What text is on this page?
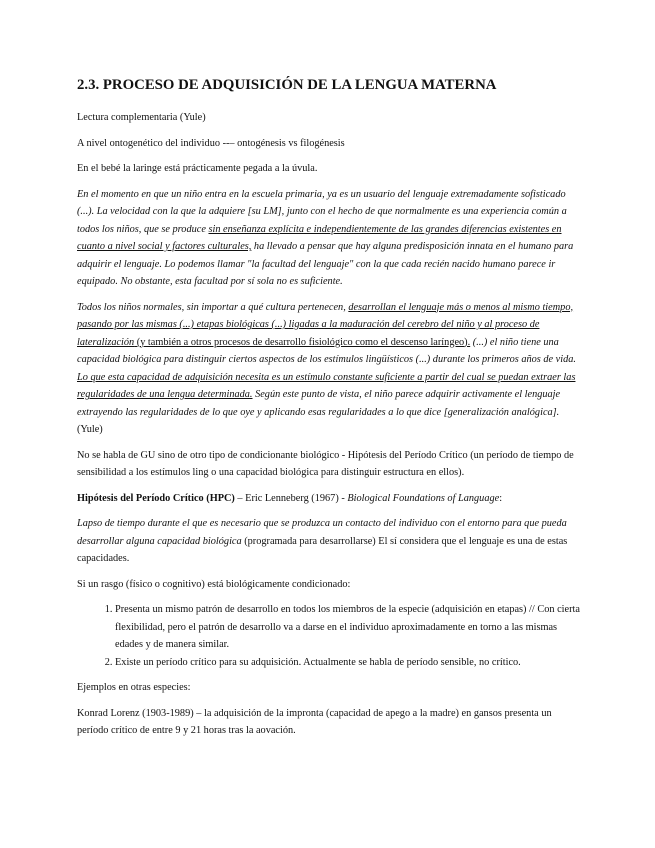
2.3. PROCESO DE ADQUISICIÓN DE LA LENGUA MATERNA

Lectura complementaria (Yule)

A nivel ontogenético del individuo --– ontogénesis vs filogénesis

En el bebé la laringe está prácticamente pegada a la úvula.

En el momento en que un niño entra en la escuela primaria, ya es un usuario del lenguaje extremadamente sofisticado (...). La velocidad con la que la adquiere [su LM], junto con el hecho de que normalmente es una experiencia común a todos los niños, que se produce sin enseñanza explícita e independientemente de las grandes diferencias existentes en cuanto a nivel social y factores culturales, ha llevado a pensar que hay alguna predisposición innata en el humano para adquirir el lenguaje. Lo podemos llamar "la facultad del lenguaje" con la que cada recién nacido humano parece ir equipado. No obstante, esta facultad por sí sola no es suficiente.

Todos los niños normales, sin importar a qué cultura pertenecen, desarrollan el lenguaje más o menos al mismo tiempo, pasando por las mismas (...) etapas biológicas (...) ligadas a la maduración del cerebro del niño y al proceso de lateralización (y también a otros procesos de desarrollo fisiológico como el descenso laríngeo). (...) el niño tiene una capacidad biológica para distinguir ciertos aspectos de los estímulos lingüísticos (...) durante los primeros años de vida. Lo que esta capacidad de adquisición necesita es un estímulo constante suficiente a partir del cual se puedan extraer las regularidades de una lengua determinada. Según este punto de vista, el niño parece adquirir activamente el lenguaje extrayendo las regularidades de lo que oye y aplicando esas regularidades a lo que dice [generalización analógica]. (Yule)

No se habla de GU sino de otro tipo de condicionante biológico - Hipótesis del Período Crítico (un período de tiempo de sensibilidad a los estímulos ling o una capacidad biológica para distinguir estructura en ellos).

Hipótesis del Período Crítico (HPC) – Eric Lenneberg (1967) - Biological Foundations of Language:

Lapso de tiempo durante el que es necesario que se produzca un contacto del individuo con el entorno para que pueda desarrollar alguna capacidad biológica (programada para desarrollarse) El sí considera que el lenguaje es una de estas capacidades.

Si un rasgo (físico o cognitivo) está biológicamente condicionado:

1. Presenta un mismo patrón de desarrollo en todos los miembros de la especie (adquisición en etapas) // Con cierta flexibilidad, pero el patrón de desarrollo va a darse en el individuo aproximadamente en torno a las mismas edades y de manera similar.
2. Existe un período crítico para su adquisición. Actualmente se habla de período sensible, no crítico.

Ejemplos en otras especies:

Konrad Lorenz (1903-1989) – la adquisición de la impronta (capacidad de apego a la madre) en gansos presenta un período crítico de entre 9 y 21 horas tras la aovación.
